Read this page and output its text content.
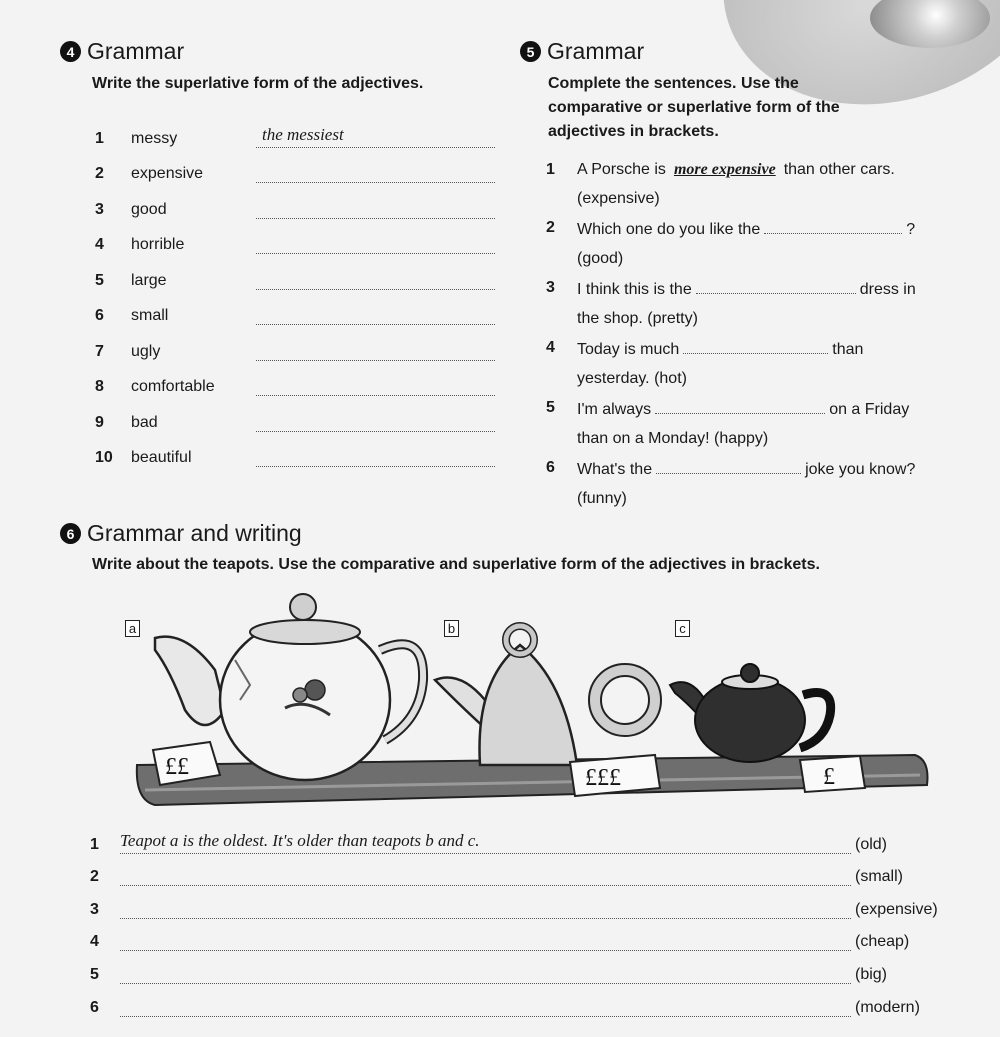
4 Grammar
Write the superlative form of the adjectives.
1	messy	the messiest
2	expensive
3	good
4	horrible
5	large
6	small
7	ugly
8	comfortable
9	bad
10	beautiful
5 Grammar
Complete the sentences. Use the
comparative or superlative form of the
adjectives in brackets.
1	A Porsche is more expensive than other cars.
(expensive)
2	Which one do you like the	?
(good)
3	I think this is the	dress in
the shop. (pretty)
4	Today is much	than
yesterday. (hot)
5	I'm always	on a Friday
than on a Monday! (happy)
6	What's the	joke you know?
(funny)
6 Grammar and writing
Write about the teapots. Use the comparative and superlative form of the adjectives in brackets.
££	£££	£
a	b	c
1	Teapot a is the oldest. It's older than teapots b and c.	(old)
2	(small)
3	(expensive)
4	(cheap)
5	(big)
6	(modern)
